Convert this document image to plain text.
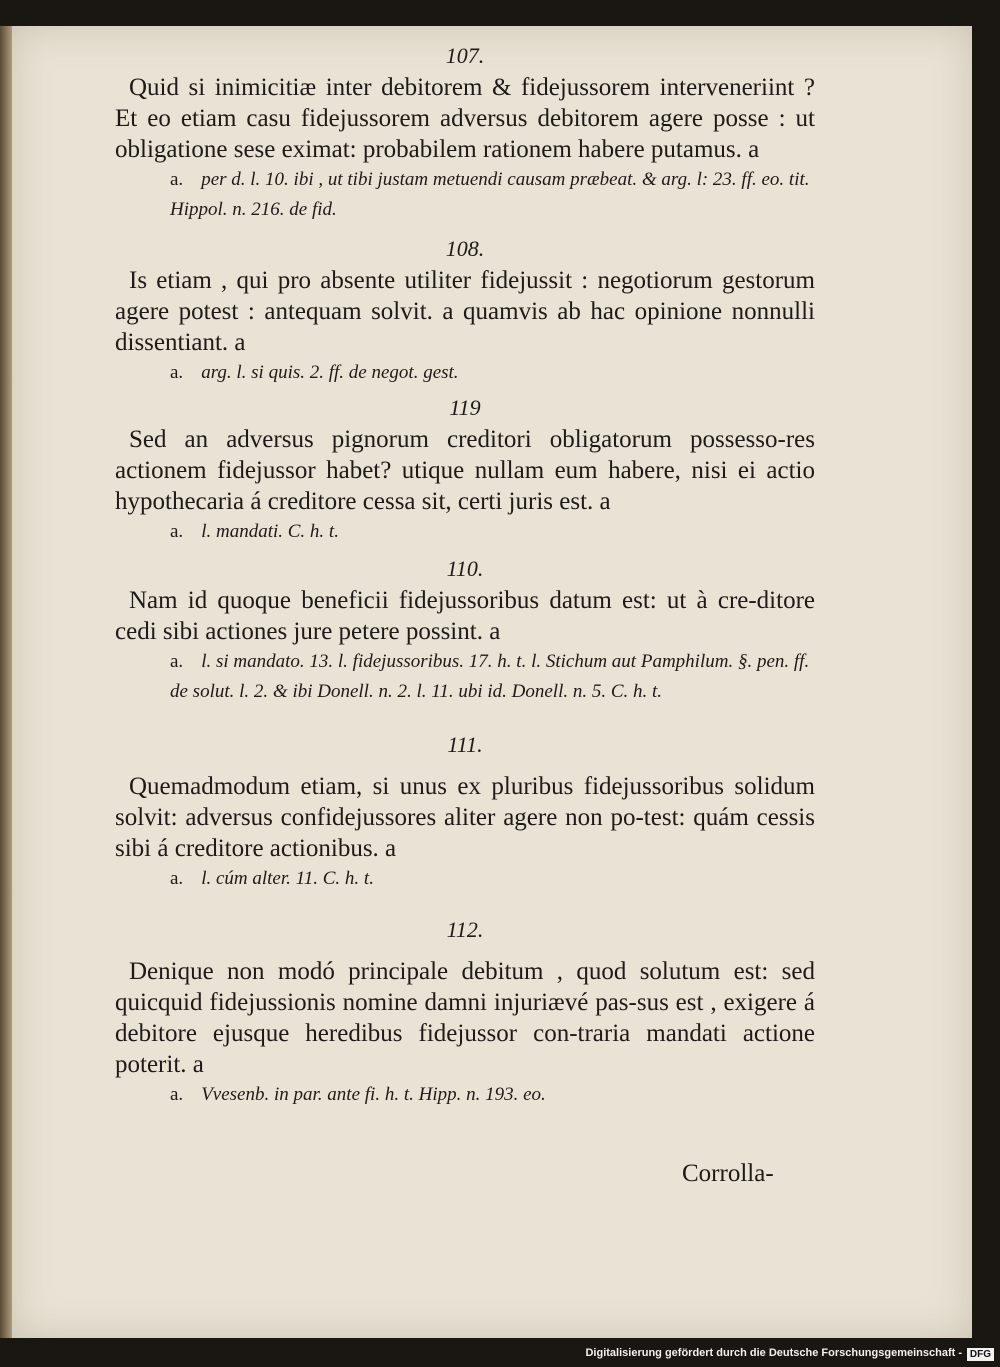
107.

Quid si inimicitiæ inter debitorem & fidejussorem interveneriint ? Et eo etiam casu fidejussorem adversus debitorem agere posse : ut obligatione sese eximat: probabilem rationem habere putamus. a

a. per d. l. 10. ibi , ut tibi justam metuendi causam præbeat. & arg. l: 23. ff. eo. tit. Hippol. n. 216. de fid.

108.

Is etiam , qui pro absente utiliter fidejussit : negotiorum gestorum agere potest : antequam solvit. a quamvis ab hac opinione nonnulli dissentiant. a

a. arg. l. si quis. 2. ff. de negot. gest.

119

Sed an adversus pignorum creditori obligatorum possesso-res actionem fidejussor habet? utique nullam eum habere, nisi ei actio hypothecaria á creditore cessa sit, certi juris est. a

a. l. mandati. C. h. t.

110.

Nam id quoque beneficii fidejussoribus datum est: ut à cre-ditore cedi sibi actiones jure petere possint. a

a. l. si mandato. 13. l. fidejussoribus. 17. h. t. l. Stichum aut Pamphilum. §. pen. ff. de solut. l. 2. & ibi Donell. n. 2. l. 11. ubi id. Donell. n. 5. C. h. t.

111.

Quemadmodum etiam, si unus ex pluribus fidejussoribus solidum solvit: adversus confidejussores aliter agere non po-test: quám cessis sibi á creditore actionibus. a

a. l. cúm alter. 11. C. h. t.

112.

Denique non modó principale debitum , quod solutum est: sed quicquid fidejussionis nomine damni injuriævé pas-sus est , exigere á debitore ejusque heredibus fidejussor con-traria mandati actione poterit. a

a. Vvesenb. in par. ante fi. h. t. Hipp. n. 193. eo.

Corrolla-
Digitalisierung gefördert durch die Deutsche Forschungsgemeinschaft - DFG
